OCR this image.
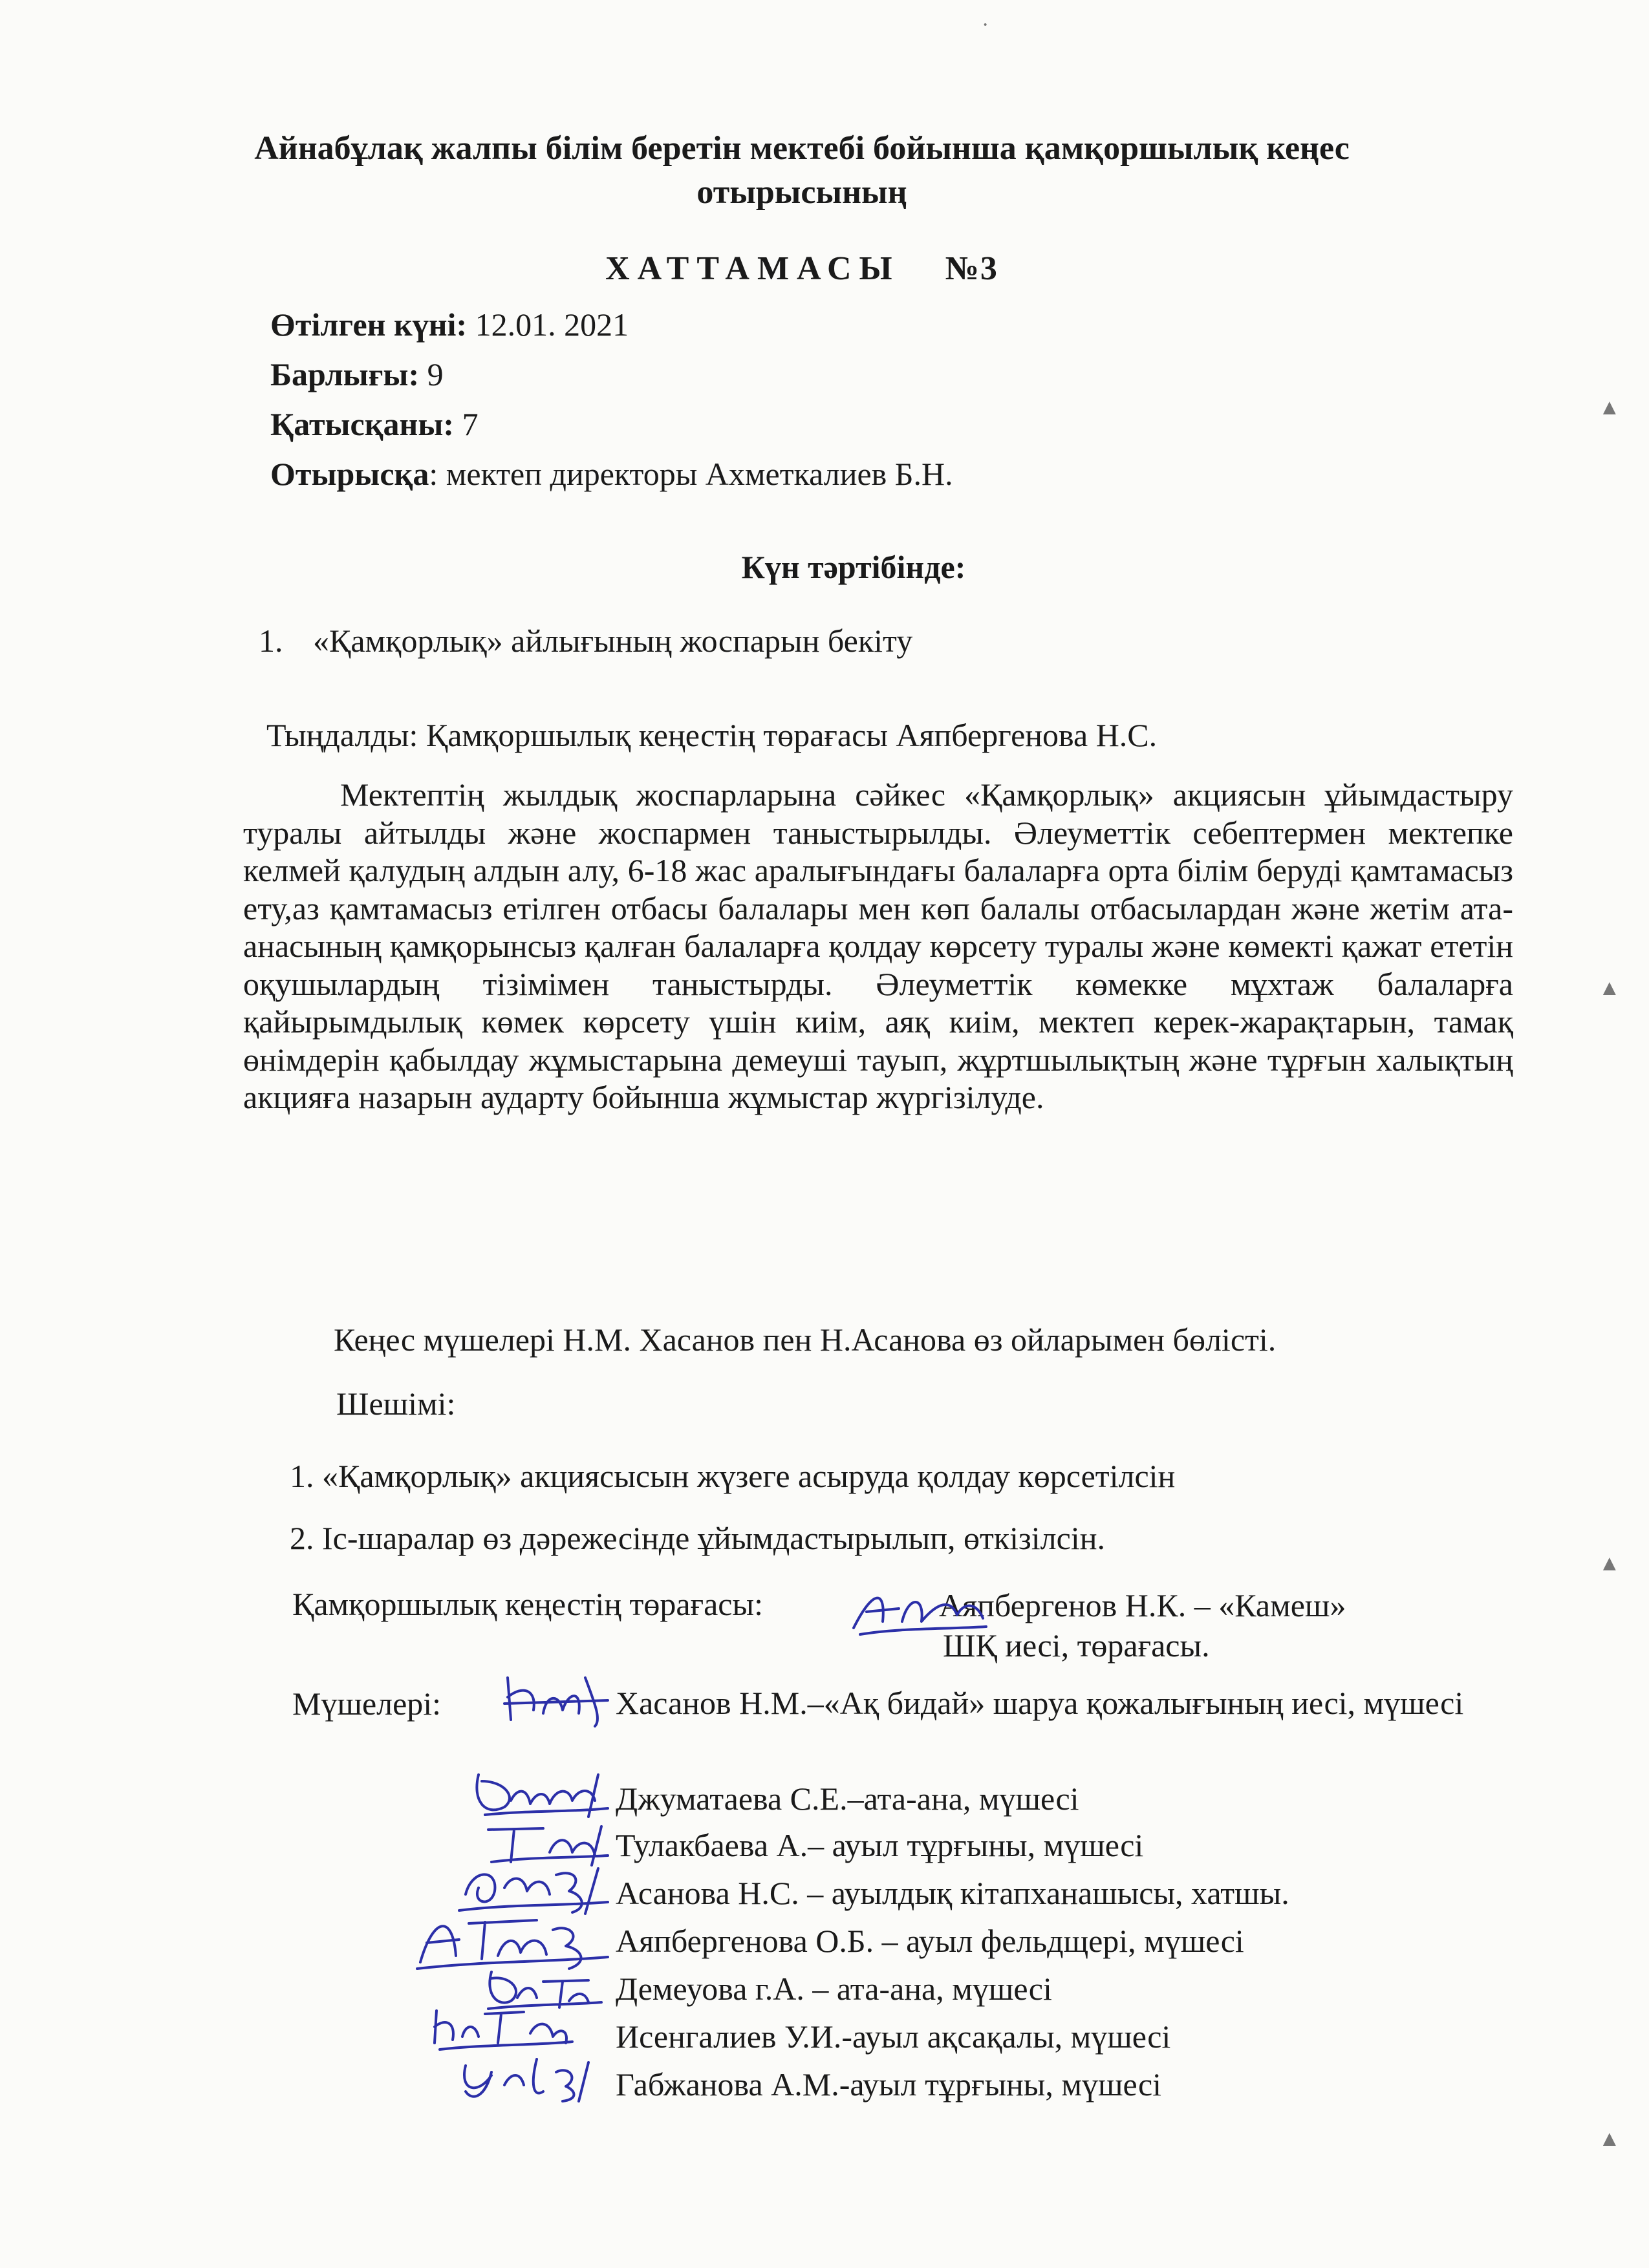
Айнабұлақ жалпы білім беретін мектебі бойынша қамқоршылық кеңес отырысының
ХАТТАМАСЫ №3
Өтілген күні: 12.01. 2021
Барлығы: 9
Қатысқаны: 7
Отырысқа: мектеп директоры Ахметкалиев Б.Н.
Күн тәртібінде:
1. «Қамқорлық» айлығының жоспарын бекіту
Тыңдалды: Қамқоршылық кеңестің төрағасы Аяпбергенова Н.С.

Мектептің жылдық жоспарларына сәйкес «Қамқорлық» акциясын ұйымдастыру туралы айтылды және жоспармен таныстырылды. Әлеуметтік себептермен мектепке келмей қалудың алдын алу, 6-18 жас аралығындағы балаларға орта білім беруді қамтамасыз ету,аз қамтамасыз етілген отбасы балалары мен көп балалы отбасылардан және жетім ата-анасының қамқорынсыз қалған балаларға қолдау көрсету туралы және көмекті қажат ететін оқушылардың тізімімен таныстырды. Әлеуметтік көмекке мұхтаж балаларға қайырымдылық көмек көрсету үшін киім, аяқ киім, мектеп керек-жарақтарын, тамақ өнімдерін қабылдау жұмыстарына демеуші тауып, жұртшылықтың және тұрғын халықтың акцияға назарын аударту бойынша жұмыстар жүргізілуде.

Кеңес мүшелері Н.М. Хасанов пен Н.Асанова өз ойларымен бөлісті.
Шешімі:
1. «Қамқорлық» акциясысын жүзеге асыруда қолдау көрсетілсін
2. Іс-шаралар өз дәрежесінде ұйымдастырылып, өткізілсін.
Қамқоршылық кеңестің төрағасы:	Аяпбергенов Н.К. – «Камеш»
ШҚ иесі, төрағасы.
Мүшелері:	Хасанов Н.М.–«Ақ бидай» шаруа қожалығының иесі, мүшесі
Джуматаева С.Е.–ата-ана, мүшесі
Тулакбаева А.– ауыл тұрғыны, мүшесі
Асанова Н.С. – ауылдық кітапханашысы, хатшы.
Аяпбергенова О.Б. – ауыл фельдщері, мүшесі
Демеуова г.А. – ата-ана, мүшесі
Исенгалиев У.И.-ауыл ақсақалы, мүшесі
Габжанова А.М.-ауыл тұрғыны, мүшесі
·
▲
▲
▲
▲
